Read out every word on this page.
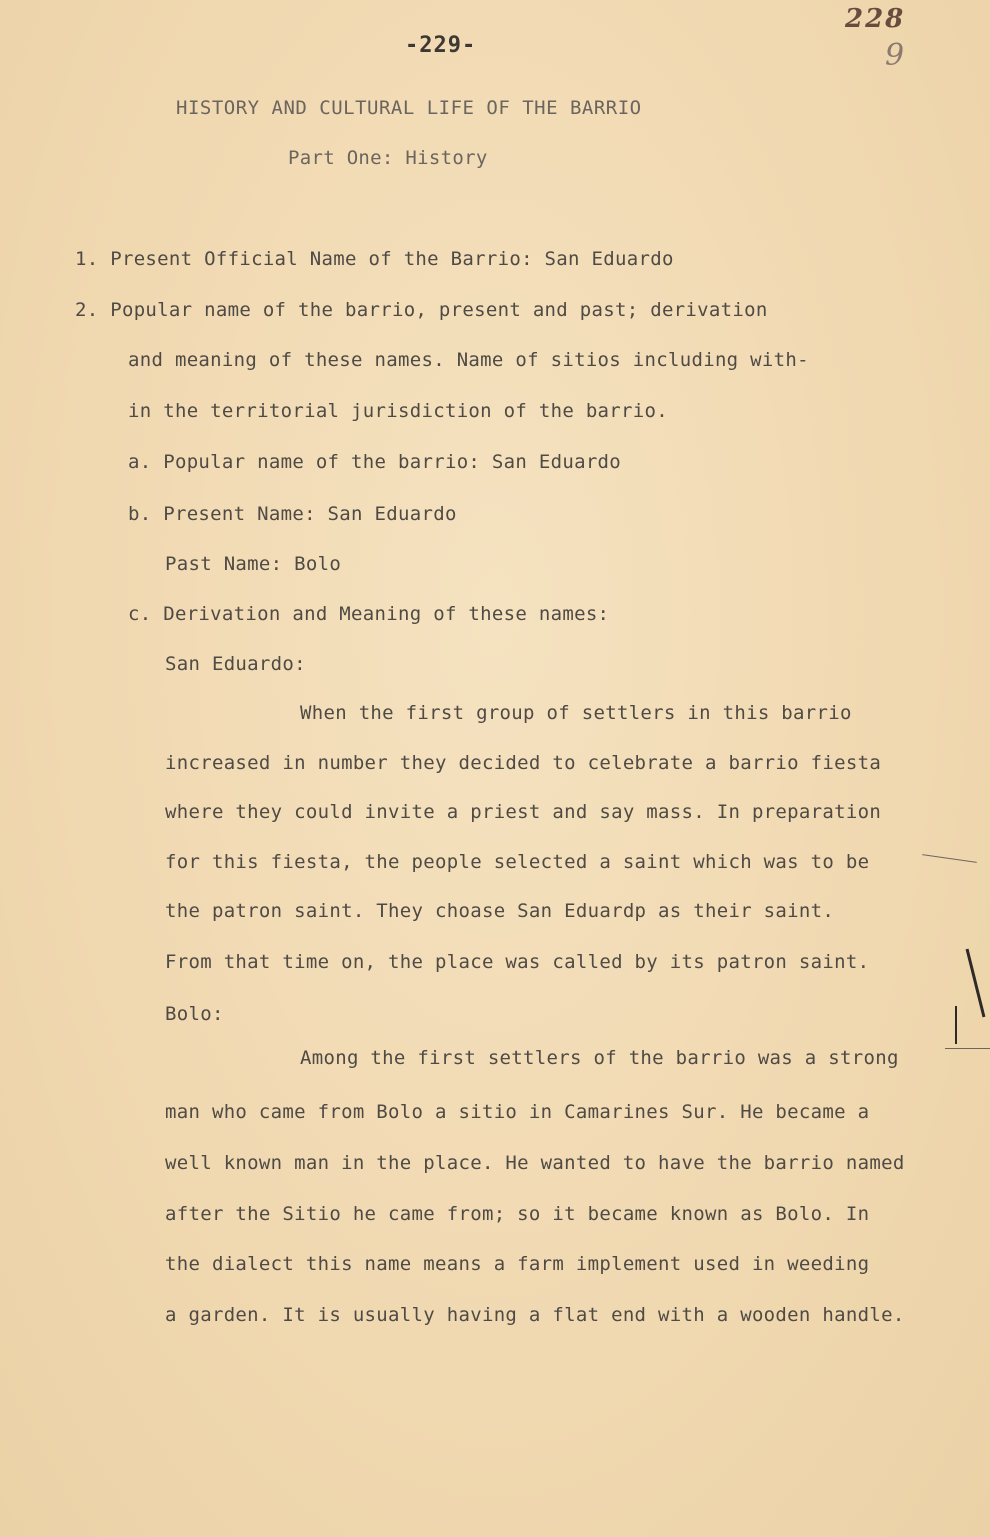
-229-
228
9
HISTORY AND CULTURAL LIFE OF THE BARRIO
Part One: History
1. Present Official Name of the Barrio: San Eduardo
2. Popular name of the barrio, present and past; derivation
and meaning of these names. Name of sitios including with-
in the territorial jurisdiction of the barrio.
a. Popular name of the barrio: San Eduardo
b. Present Name: San Eduardo
Past Name: Bolo
c. Derivation and Meaning of these names:
San Eduardo:
When the first group of settlers in this barrio
increased in number they decided to celebrate a barrio fiesta
where they could invite a priest and say mass. In preparation
for this fiesta, the people selected a saint which was to be
the patron saint. They choase San Eduardp as their saint.
From that time on, the place was called by its patron saint.
Bolo:
Among the first settlers of the barrio was a strong
man who came from Bolo a sitio in Camarines Sur. He became a
well known man in the place. He wanted to have the barrio named
after the Sitio he came from; so it became known as Bolo. In
the dialect this name means a farm implement used in weeding
a garden. It is usually having a flat end with a wooden handle.
